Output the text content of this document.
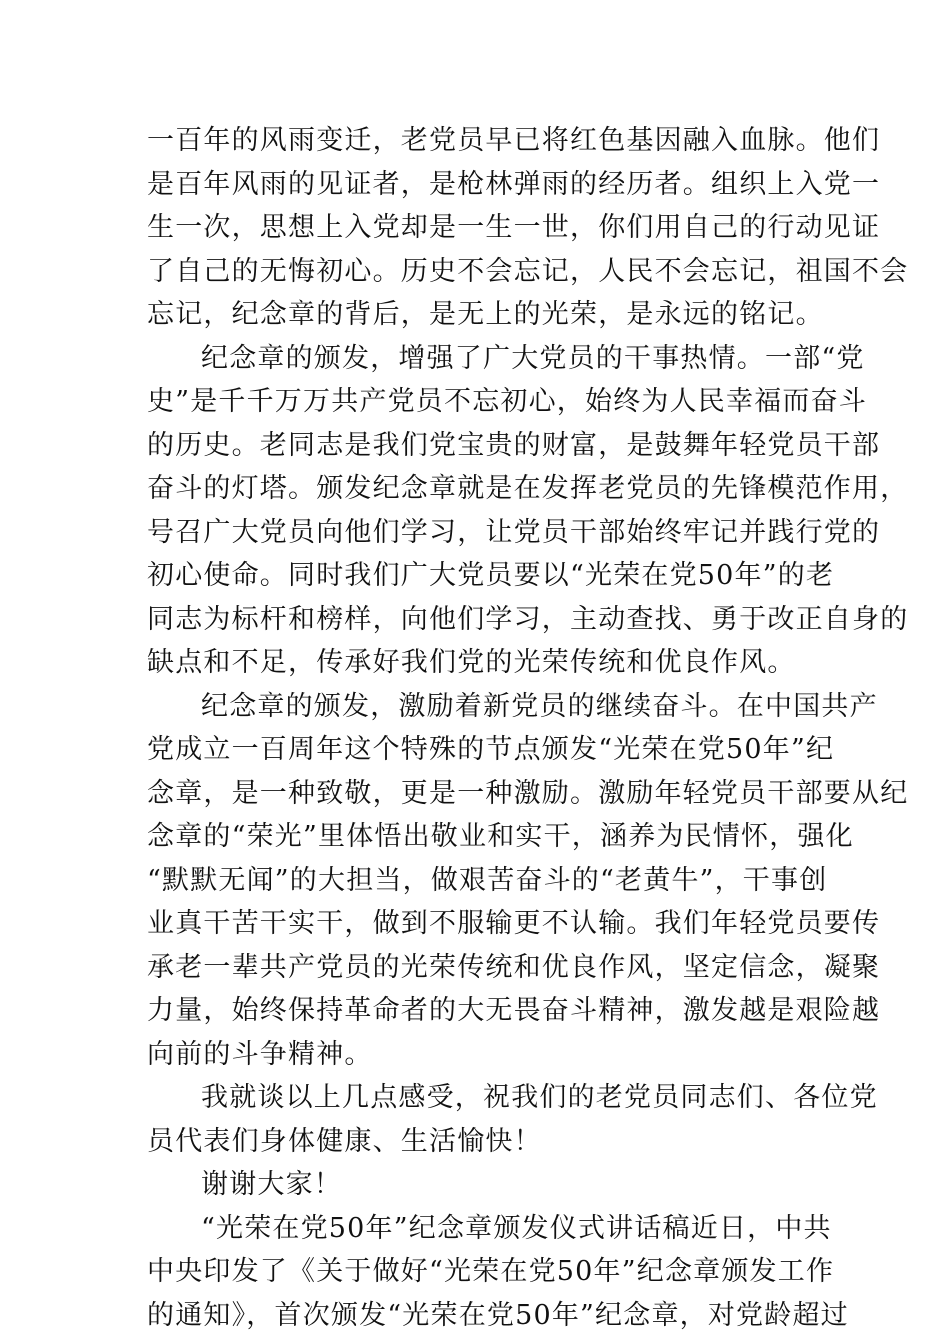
一百年的风雨变迁，老党员早已将红色基因融入血脉。他们
是百年风雨的见证者，是枪林弹雨的经历者。组织上入党一
生一次，思想上入党却是一生一世，你们用自己的行动见证
了自己的无悔初心。历史不会忘记，人民不会忘记，祖国不会
忘记，纪念章的背后，是无上的光荣，是永远的铭记。
纪念章的颁发，增强了广大党员的干事热情。一部“党
史”是千千万万共产党员不忘初心，始终为人民幸福而奋斗
的历史。老同志是我们党宝贵的财富，是鼓舞年轻党员干部
奋斗的灯塔。颁发纪念章就是在发挥老党员的先锋模范作用，
号召广大党员向他们学习，让党员干部始终牢记并践行党的
初心使命。同时我们广大党员要以“光荣在党50年”的老
同志为标杆和榜样，向他们学习，主动查找、勇于改正自身的
缺点和不足，传承好我们党的光荣传统和优良作风。
纪念章的颁发，激励着新党员的继续奋斗。在中国共产
党成立一百周年这个特殊的节点颁发“光荣在党50年”纪
念章，是一种致敬，更是一种激励。激励年轻党员干部要从纪
念章的“荣光”里体悟出敬业和实干，涵养为民情怀，强化
“默默无闻”的大担当，做艰苦奋斗的“老黄牛”，干事创
业真干苦干实干，做到不服输更不认输。我们年轻党员要传
承老一辈共产党员的光荣传统和优良作风，坚定信念，凝聚
力量，始终保持革命者的大无畏奋斗精神，激发越是艰险越
向前的斗争精神。
我就谈以上几点感受，祝我们的老党员同志们、各位党
员代表们身体健康、生活愉快！
谢谢大家！
“光荣在党50年”纪念章颁发仪式讲话稿近日，中共
中央印发了《关于做好“光荣在党50年”纪念章颁发工作
的通知》，首次颁发“光荣在党50年”纪念章，对党龄超过
